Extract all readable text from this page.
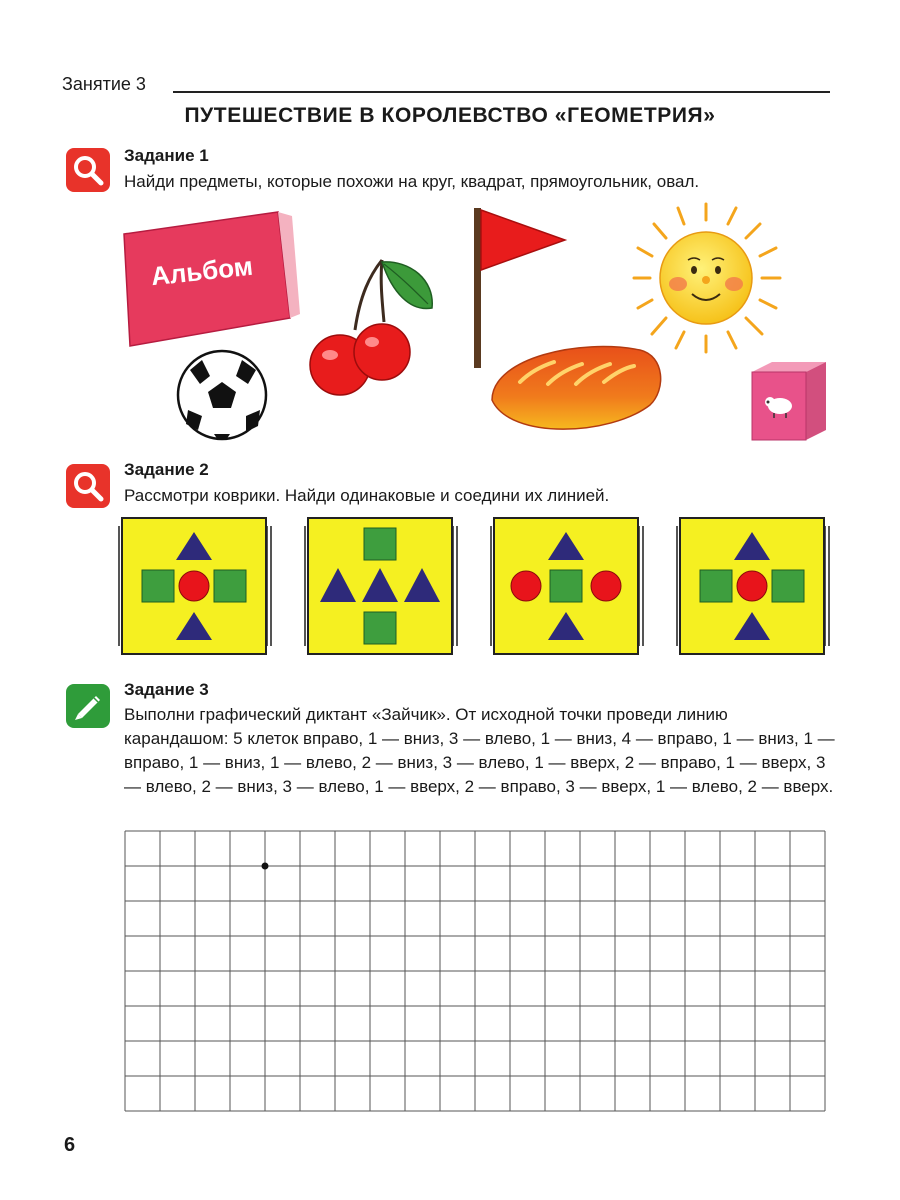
Занятие 3
ПУТЕШЕСТВИЕ В КОРОЛЕВСТВО «ГЕОМЕТРИЯ»
Задание 1
Найди предметы, которые похожи на круг, квадрат, прямоугольник, овал.
Альбом
Задание 2
Рассмотри коврики. Найди одинаковые и соедини их линией.
Задание 3
Выполни графический диктант «Зайчик». От исходной точки проведи линию карандашом: 5 клеток вправо, 1 — вниз, 3 — влево, 1 — вниз, 4 — вправо, 1 — вниз, 1 — вправо, 1 — вниз, 1 — влево, 2 — вниз, 3 — влево, 1 — вверх, 2 — вправо, 1 — вверх, 3 — влево, 2 — вниз, 3 — влево, 1 — вверх, 2 — вправо, 3 — вверх, 1 — влево, 2 — вверх.
6
